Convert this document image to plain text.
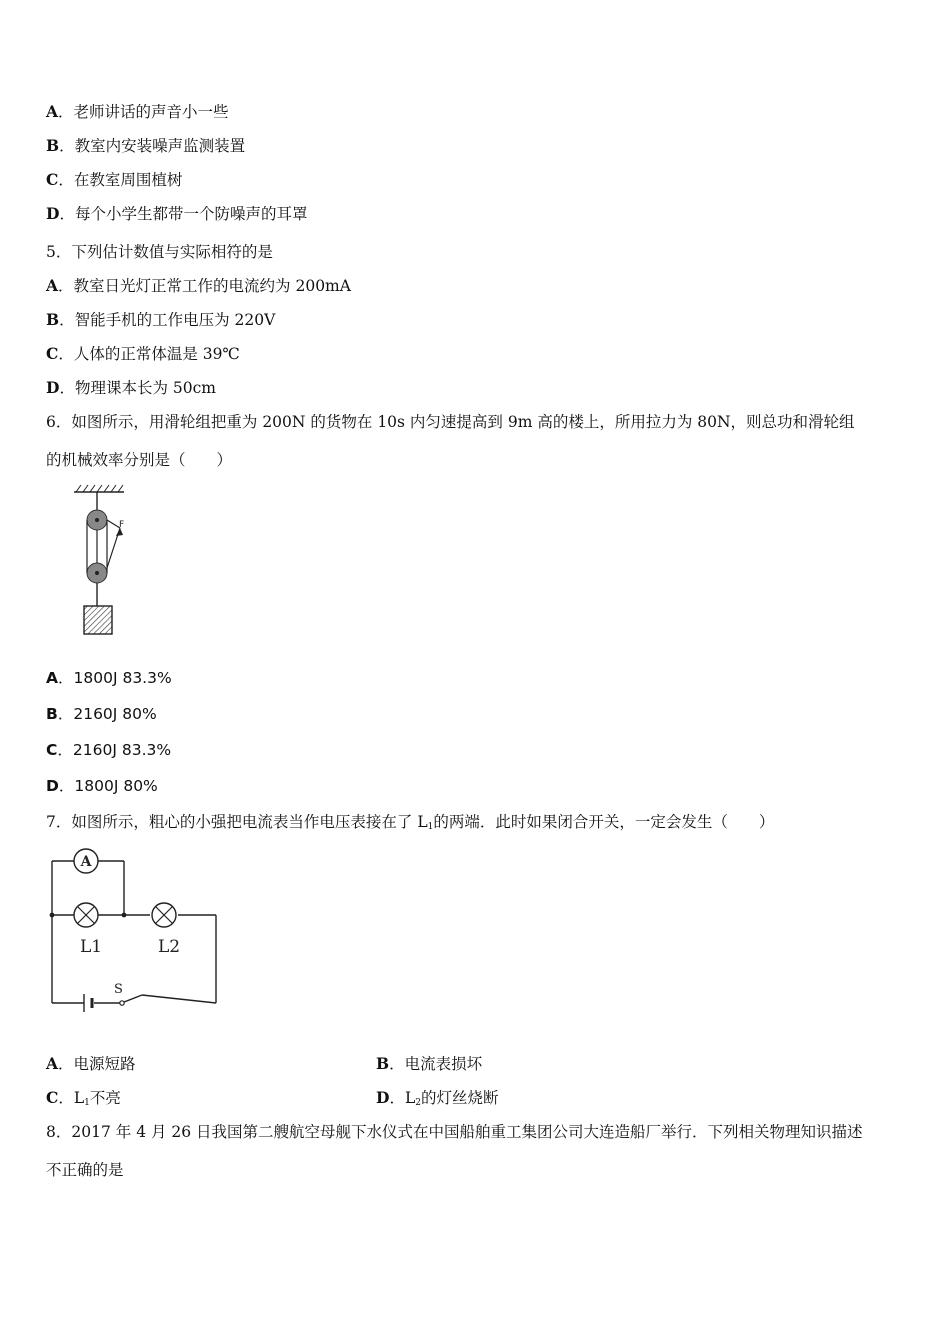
A．老师讲话的声音小一些
B．教室内安装噪声监测装置
C．在教室周围植树
D．每个小学生都带一个防噪声的耳罩
5．下列估计数值与实际相符的是
A．教室日光灯正常工作的电流约为 200mA
B．智能手机的工作电压为 220V
C．人体的正常体温是 39℃
D．物理课本长为 50cm
6．如图所示，用滑轮组把重为 200N 的货物在 10s 内匀速提高到 9m 高的楼上，所用拉力为 80N，则总功和滑轮组
的机械效率分别是（　　）
F
A．1800J 83.3%
B．2160J 80%
C．2160J 83.3%
D．1800J 80%
7．如图所示，粗心的小强把电流表当作电压表接在了 $L_1$的两端．此时如果闭合开关，一定会发生（　　）
A
L1	L2
S
A．电源短路	B．电流表损坏
C．$L_1$不亮	D．$L_2$的灯丝烧断
8．2017 年 4 月 26 日我国第二艘航空母舰下水仪式在中国船舶重工集团公司大连造船厂举行．下列相关物理知识描述
不正确的是
